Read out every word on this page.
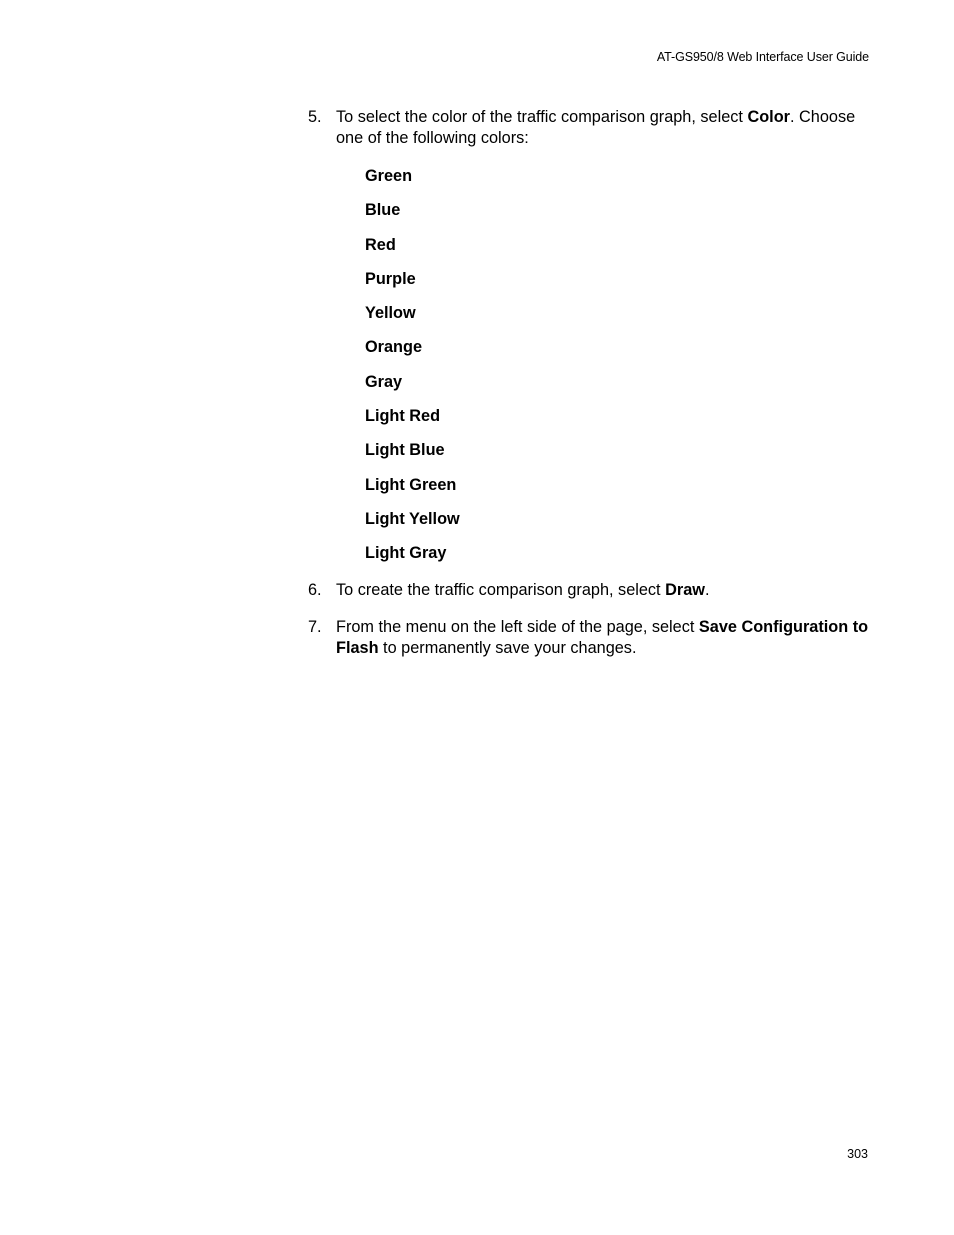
AT-GS950/8 Web Interface User Guide
5. To select the color of the traffic comparison graph, select Color. Choose one of the following colors:
Green
Blue
Red
Purple
Yellow
Orange
Gray
Light Red
Light Blue
Light Green
Light Yellow
Light Gray
6. To create the traffic comparison graph, select Draw.
7. From the menu on the left side of the page, select Save Configuration to Flash to permanently save your changes.
303
